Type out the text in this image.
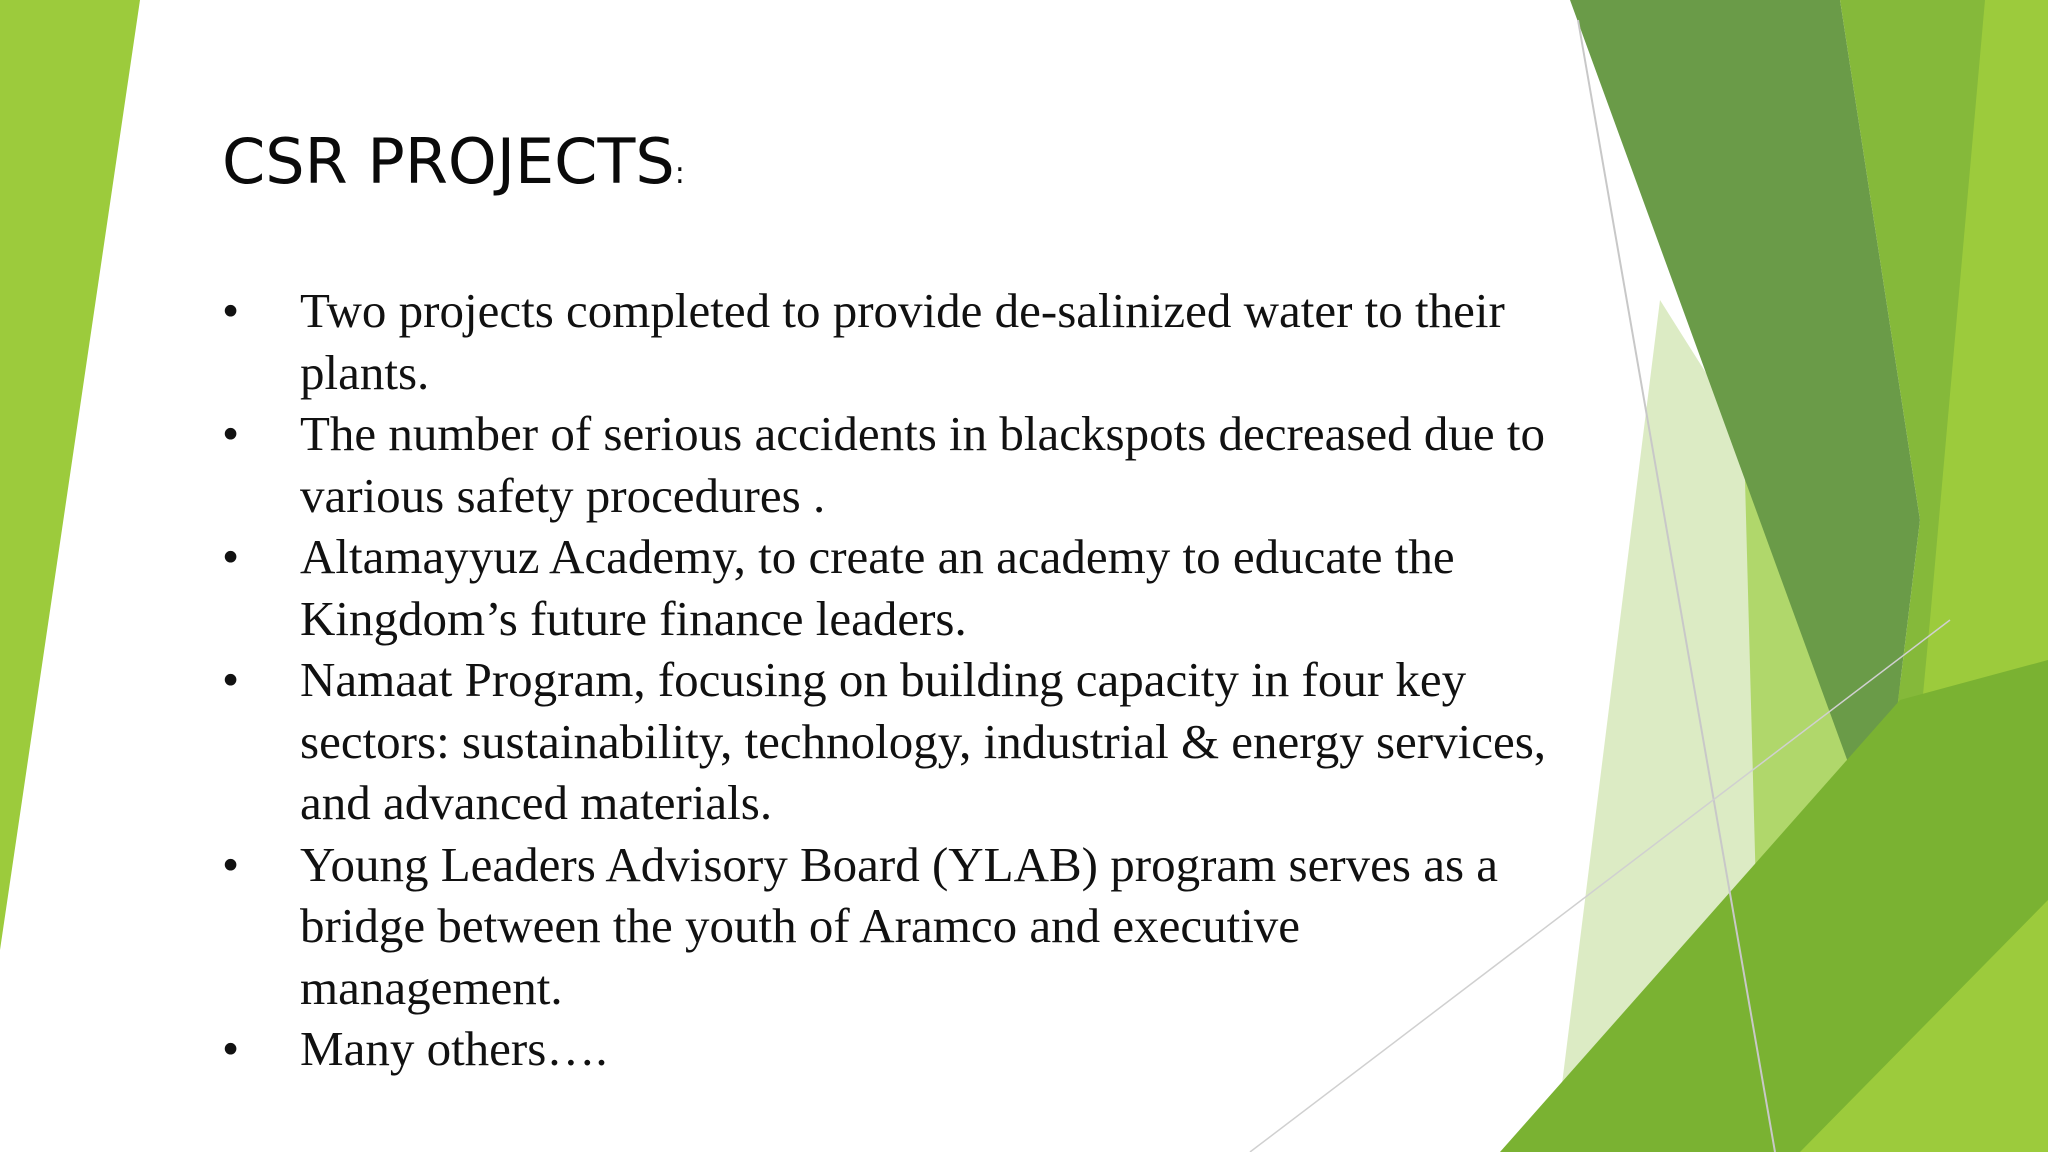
CSR PROJECTS:
•	Two projects completed to provide de-salinized water to their plants.
•	The number of serious accidents in blackspots decreased due to various safety procedures .
•	Altamayyuz Academy, to create an academy to educate the Kingdom’s future finance leaders.
•	Namaat Program, focusing on building capacity in four key sectors: sustainability, technology, industrial & energy services, and advanced materials.
•	Young Leaders Advisory Board (YLAB) program serves as a bridge between the youth of Aramco and executive management.
•	Many others….
